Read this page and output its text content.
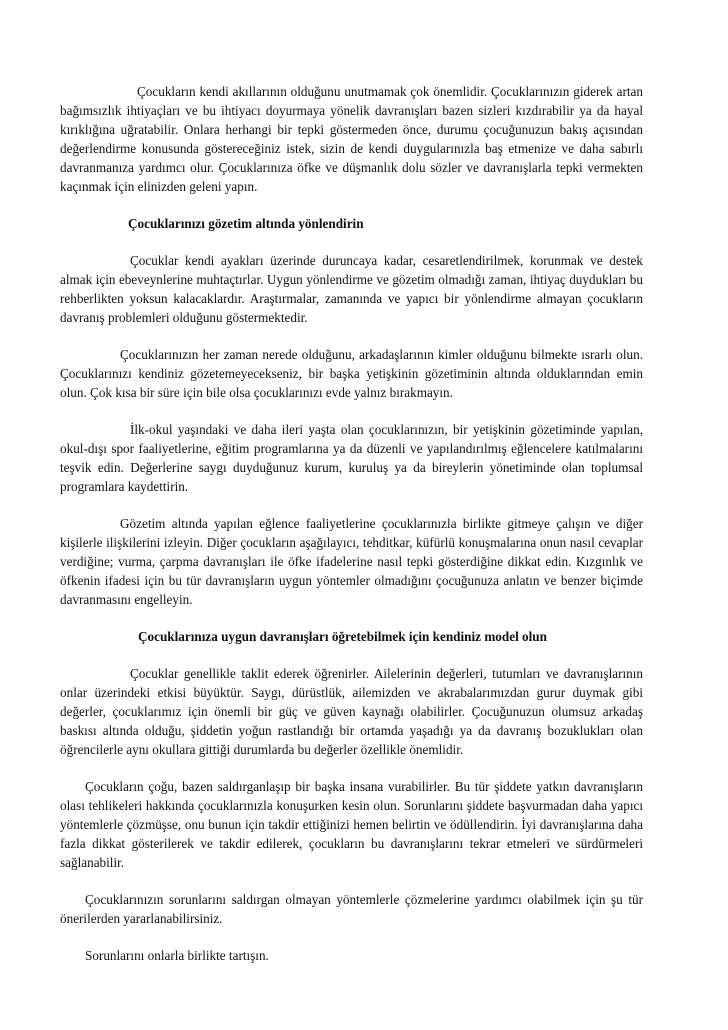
Çocukların kendi akıllarının olduğunu unutmamak çok önemlidir. Çocuklarınızın giderek artan bağımsızlık ihtiyaçları ve bu ihtiyacı doyurmaya yönelik davranışları bazen sizleri kızdırabilir ya da hayal kırıklığına uğratabilir. Onlara herhangi bir tepki göstermeden önce, durumu çocuğunuzun bakış açısından değerlendirme konusunda göstereceğiniz istek, sizin de kendi duygularınızla baş etmenize ve daha sabırlı davranmanıza yardımcı olur. Çocuklarınıza öfke ve düşmanlık dolu sözler ve davranışlarla tepki vermekten kaçınmak için elinizden geleni yapın.

Çocuklarınızı gözetim altında yönlendirin

Çocuklar kendi ayakları üzerinde duruncaya kadar, cesaretlendirilmek, korunmak ve destek almak için ebeveynlerine muhtaçtırlar. Uygun yönlendirme ve gözetim olmadığı zaman, ihtiyaç duydukları bu rehberlikten yoksun kalacaklardır. Araştırmalar, zamanında ve yapıcı bir yönlendirme almayan çocukların davranış problemleri olduğunu göstermektedir.

Çocuklarınızın her zaman nerede olduğunu, arkadaşlarının kimler olduğunu bilmekte ısrarlı olun. Çocuklarınızı kendiniz gözetemeyecekseniz, bir başka yetişkinin gözetiminin altında olduklarından emin olun. Çok kısa bir süre için bile olsa çocuklarınızı evde yalnız bırakmayın.

İlk-okul yaşındaki ve daha ileri yaşta olan çocuklarınızın, bir yetişkinin gözetiminde yapılan, okul-dışı spor faaliyetlerine, eğitim programlarına ya da düzenli ve yapılandırılmış eğlencelere katılmalarını teşvik edin. Değerlerine saygı duyduğunuz kurum, kuruluş ya da bireylerin yönetiminde olan toplumsal programlara kaydettirin.

Gözetim altında yapılan eğlence faaliyetlerine çocuklarınızla birlikte gitmeye çalışın ve diğer kişilerle ilişkilerini izleyin. Diğer çocukların aşağılayıcı, tehditkar, küfürlü konuşmalarına onun nasıl cevaplar verdiğine; vurma, çarpma davranışları ile öfke ifadelerine nasıl tepki gösterdiğine dikkat edin. Kızgınlık ve öfkenin ifadesi için bu tür davranışların uygun yöntemler olmadığını çocuğunuza anlatın ve benzer biçimde davranmasını engelleyin.

Çocuklarınıza uygun davranışları öğretebilmek için kendiniz model olun

Çocuklar genellikle taklit ederek öğrenirler. Ailelerinin değerleri, tutumları ve davranışlarının onlar üzerindeki etkisi büyüktür. Saygı, dürüstlük, ailemizden ve akrabalarımızdan gurur duymak gibi değerler, çocuklarımız için önemli bir güç ve güven kaynağı olabilirler. Çocuğunuzun olumsuz arkadaş baskısı altında olduğu, şiddetin yoğun rastlandığı bir ortamda yaşadığı ya da davranış bozuklukları olan öğrencilerle aynı okullara gittiği durumlarda bu değerler özellikle önemlidir.

Çocukların çoğu, bazen saldırganlaşıp bir başka insana vurabilirler. Bu tür şiddete yatkın davranışların olası tehlikeleri hakkında çocuklarınızla konuşurken kesin olun. Sorunlarını şiddete başvurmadan daha yapıcı yöntemlerle çözmüşse, onu bunun için takdir ettiğinizi hemen belirtin ve ödüllendirin. İyi davranışlarına daha fazla dikkat gösterilerek ve takdir edilerek, çocukların bu davranışlarını tekrar etmeleri ve sürdürmeleri sağlanabilir.

Çocuklarınızın sorunlarını saldırgan olmayan yöntemlerle çözmelerine yardımcı olabilmek için şu tür önerilerden yararlanabilirsiniz.

Sorunlarını onlarla birlikte tartışın.
